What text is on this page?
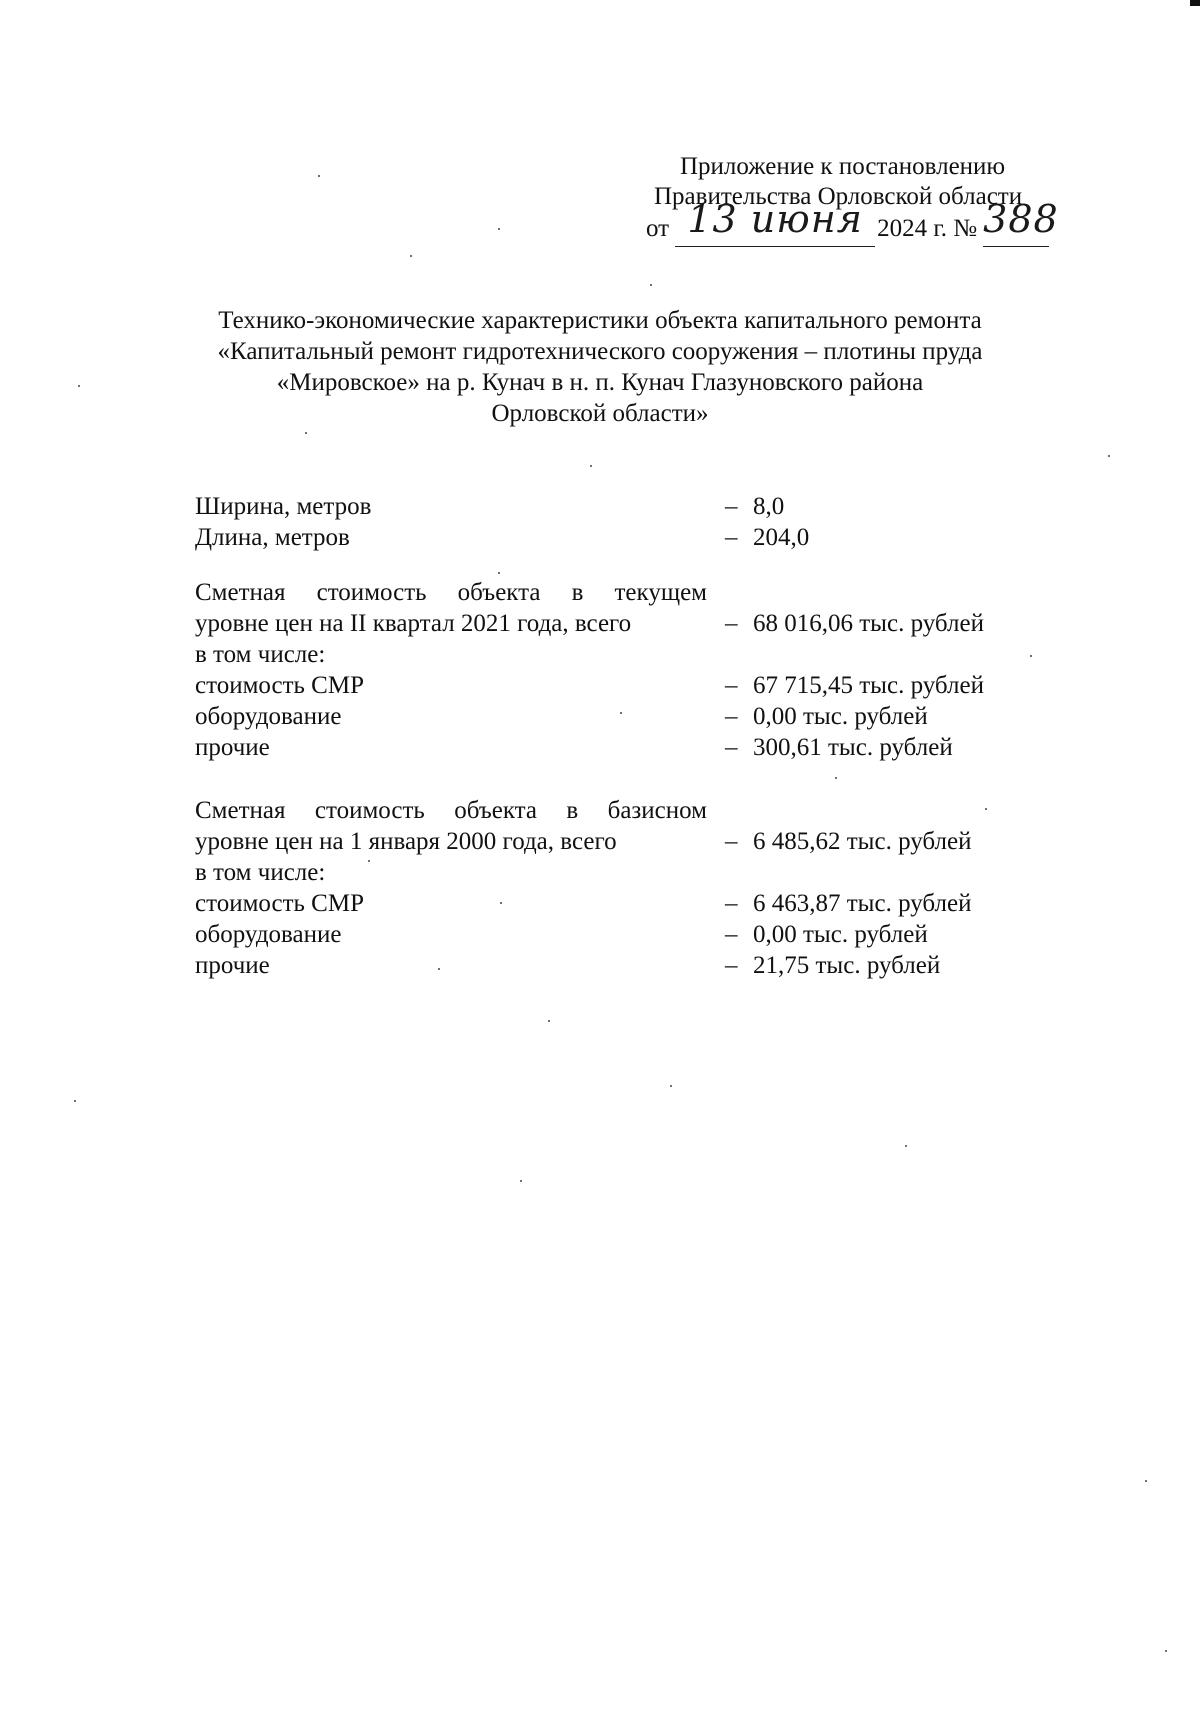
Приложение к постановлению
Правительства Орловской области
от 13 июня 2024 г. № 388
Технико-экономические характеристики объекта капитального ремонта
«Капитальный ремонт гидротехнического сооружения – плотины пруда
«Мировское» на р. Кунач в н. п. Кунач Глазуновского района
Орловской области»
Ширина, метров	– 8,0
Длина, метров	– 204,0
Сметная стоимость объекта в текущем
уровне цен на II квартал 2021 года, всего	– 68 016,06 тыс. рублей
в том числе:
стоимость СМР	– 67 715,45 тыс. рублей
оборудование	– 0,00 тыс. рублей
прочие	– 300,61 тыс. рублей
Сметная стоимость объекта в базисном
уровне цен на 1 января 2000 года, всего	– 6 485,62 тыс. рублей
в том числе:
стоимость СМР	– 6 463,87 тыс. рублей
оборудование	– 0,00 тыс. рублей
прочие	– 21,75 тыс. рублей
